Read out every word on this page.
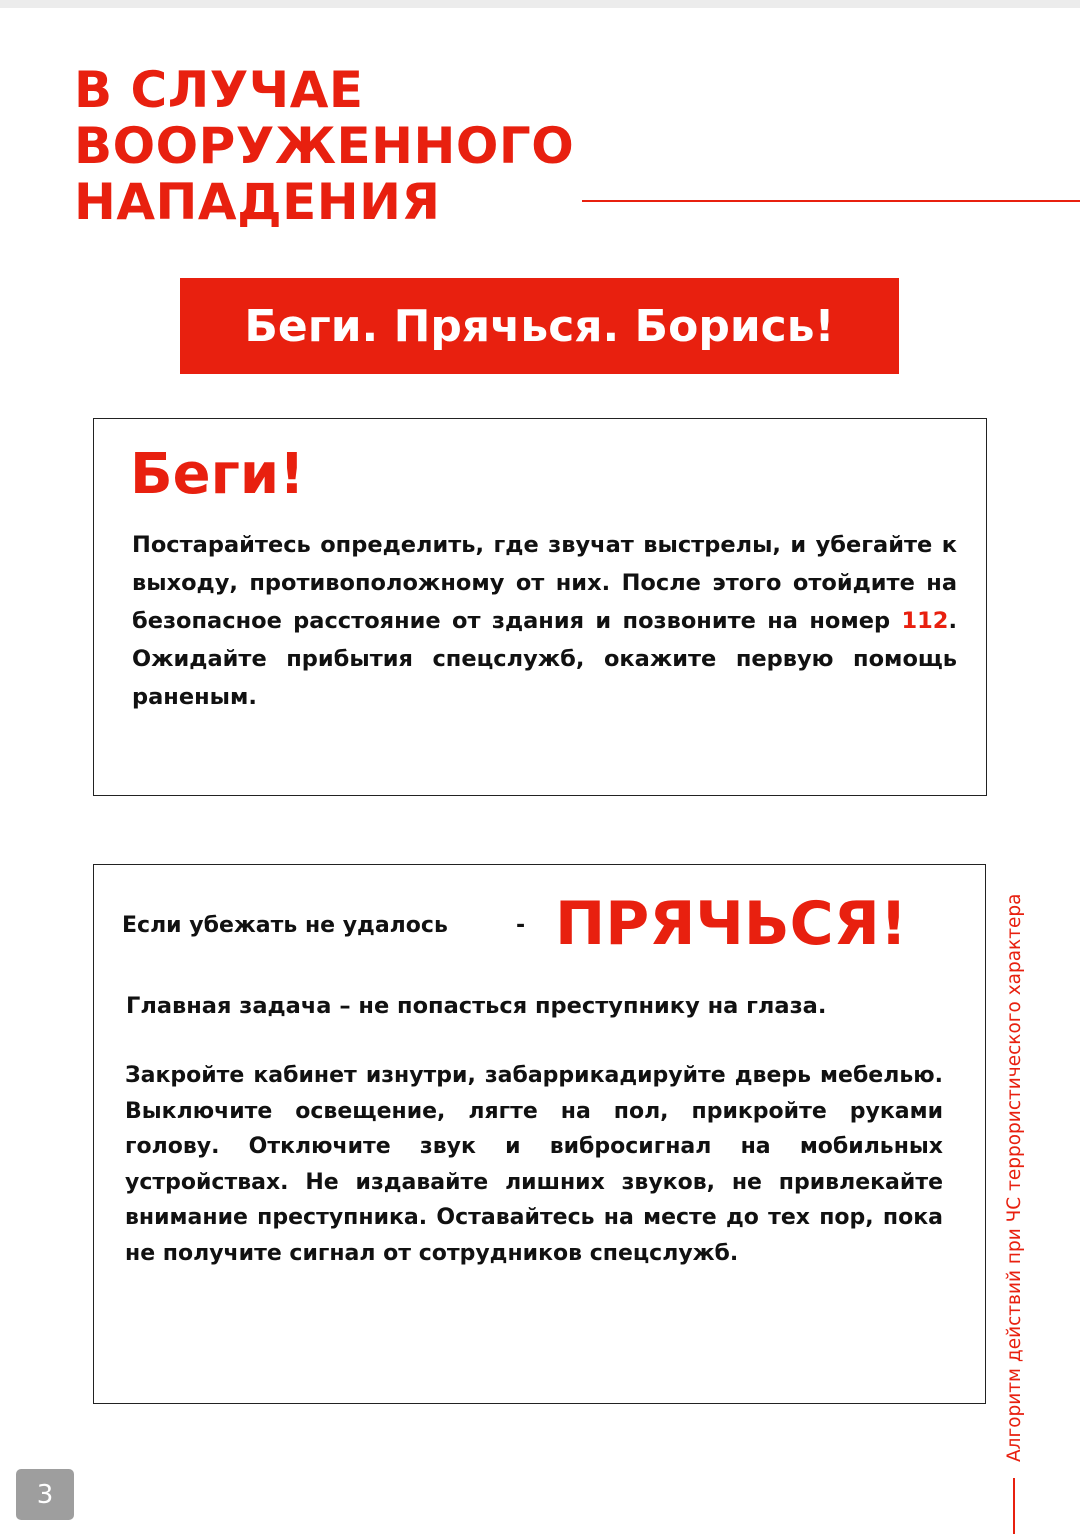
В СЛУЧАЕ
ВООРУЖЕННОГО
НАПАДЕНИЯ
Беги. Прячься. Борись!
Беги!

Постарайтесь определить, где звучат выстрелы, и убегайте к выходу, противоположному от них. После этого отойдите на безопасное расстояние от здания и позвоните на номер 112. Ожидайте прибытия спецслужб, окажите первую помощь раненым.

Если убежать не удалось	- ПРЯЧЬСЯ!

Главная задача – не попасться преступнику на глаза.

Закройте кабинет изнутри, забаррикадируйте дверь мебелью. Выключите освещение, лягте на пол, прикройте руками голову. Отключите звук и вибросигнал на мобильных устройствах. Не издавайте лишних звуков, не привлекайте внимание преступника. Оставайтесь на месте до тех пор, пока не получите сигнал от сотрудников спецслужб.	Алгоритм действий при ЧС террористического характера
3
